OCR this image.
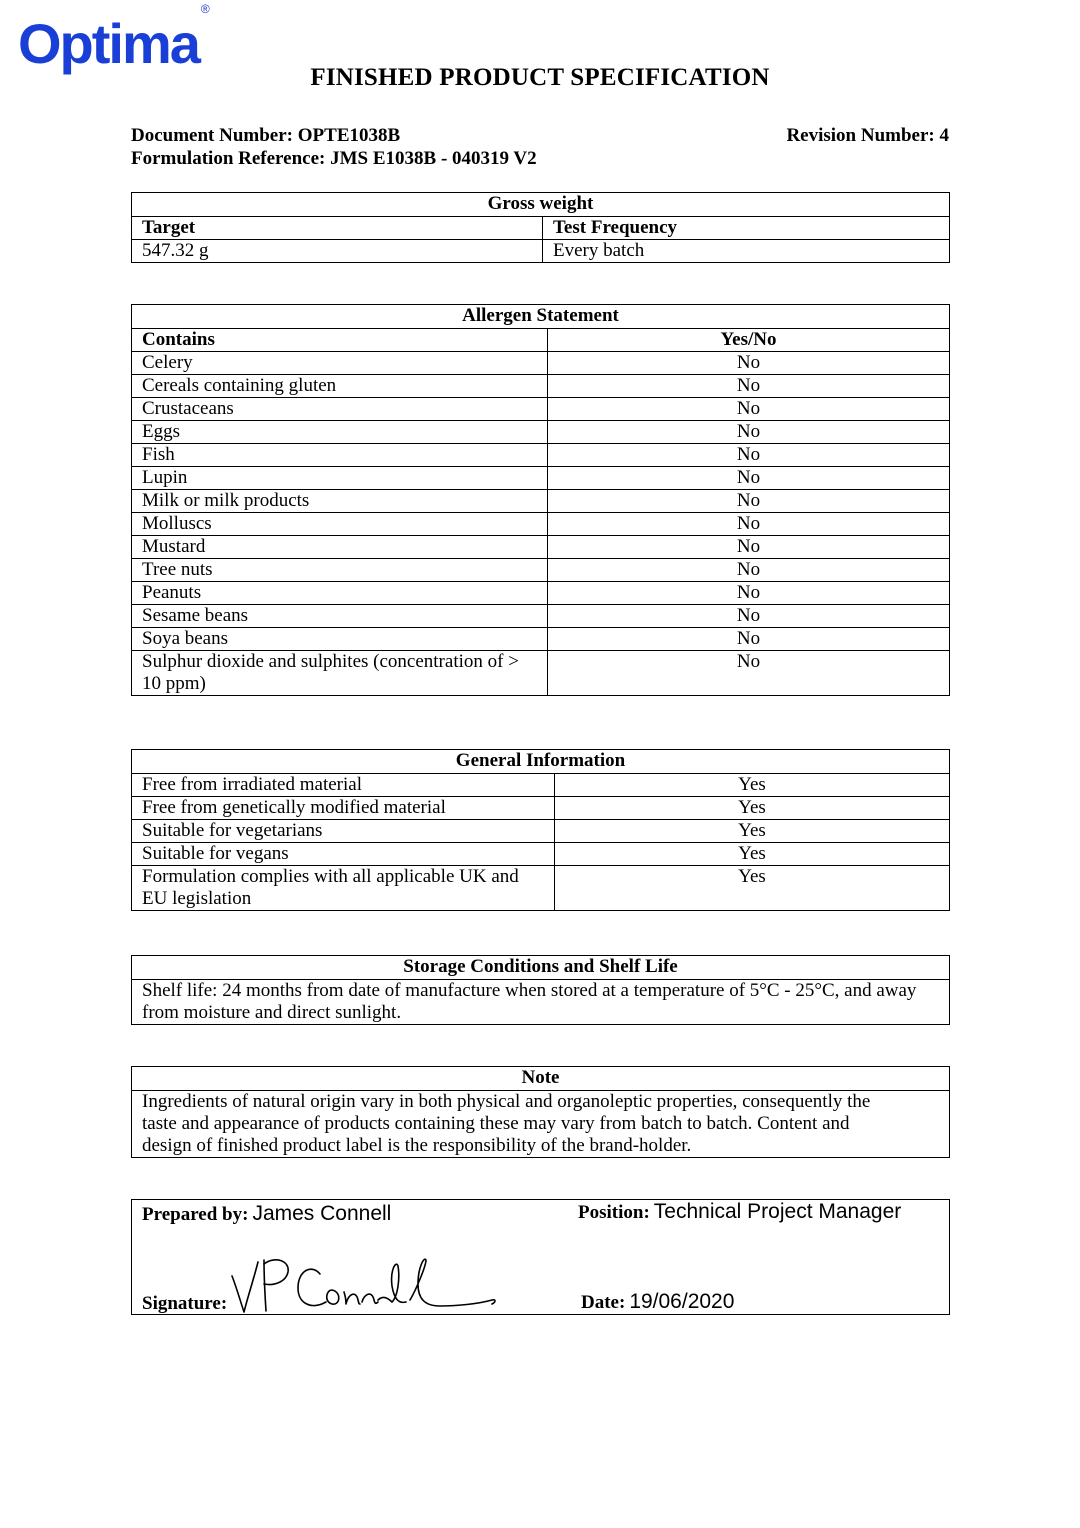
Optima®
FINISHED PRODUCT SPECIFICATION
Document Number: OPTE1038B	Revision Number: 4
Formulation Reference: JMS E1038B - 040319 V2
Gross weight	
Target	Test Frequency
547.32 g	Every batch
Allergen Statement	
Contains	Yes/No
Celery	No
Cereals containing gluten	No
Crustaceans	No
Eggs	No
Fish	No
Lupin	No
Milk or milk products	No
Molluscs	No
Mustard	No
Tree nuts	No
Peanuts	No
Sesame beans	No
Soya beans	No
Sulphur dioxide and sulphites (concentration of > 10 ppm)	No
General Information	
Free from irradiated material	Yes
Free from genetically modified material	Yes
Suitable for vegetarians	Yes
Suitable for vegans	Yes
Formulation complies with all applicable UK and EU legislation	Yes
Storage Conditions and Shelf Life
Shelf life: 24 months from date of manufacture when stored at a temperature of 5°C - 25°C, and away from moisture and direct sunlight.
Note
Ingredients of natural origin vary in both physical and organoleptic properties, consequently the taste and appearance of products containing these may vary from batch to batch. Content and design of finished product label is the responsibility of the brand-holder.
Prepared by: James Connell	Position: Technical Project Manager
Signature:	Date: 19/06/2020
